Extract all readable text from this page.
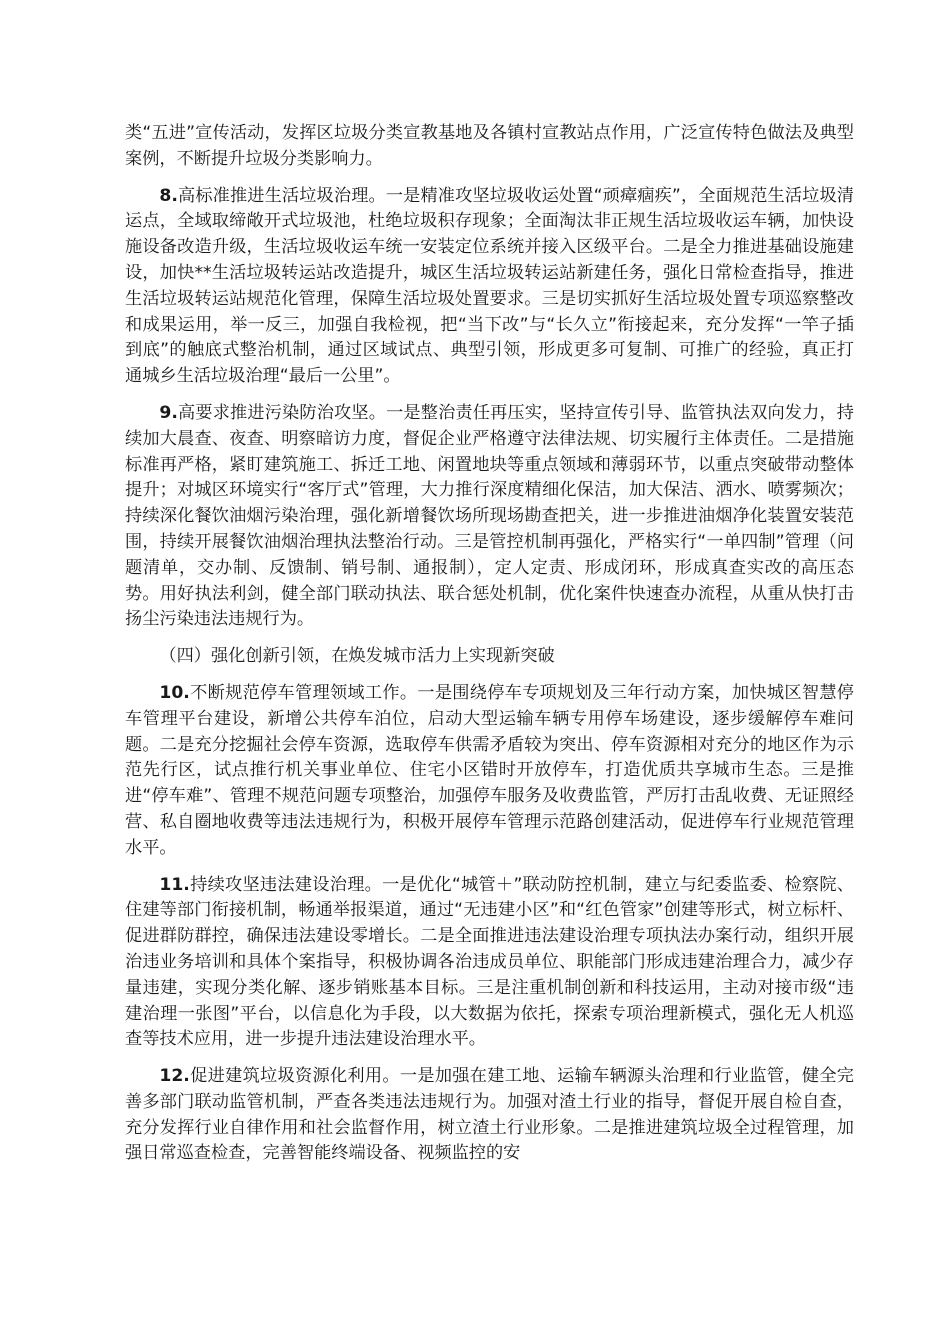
类“五进”宣传活动，发挥区垃圾分类宣教基地及各镇村宣教站点作用，广泛宣传特色做法及典型案例，不断提升垃圾分类影响力。

8.高标准推进生活垃圾治理。一是精准攻坚垃圾收运处置“顽瘴痼疾”，全面规范生活垃圾清运点，全域取缔敞开式垃圾池，杜绝垃圾积存现象；全面淘汰非正规生活垃圾收运车辆，加快设施设备改造升级，生活垃圾收运车统一安装定位系统并接入区级平台。二是全力推进基础设施建设，加快**生活垃圾转运站改造提升，城区生活垃圾转运站新建任务，强化日常检查指导，推进生活垃圾转运站规范化管理，保障生活垃圾处置要求。三是切实抓好生活垃圾处置专项巡察整改和成果运用，举一反三，加强自我检视，把“当下改”与“长久立”衔接起来，充分发挥“一竿子插到底”的触底式整治机制，通过区域试点、典型引领，形成更多可复制、可推广的经验，真正打通城乡生活垃圾治理“最后一公里”。

9.高要求推进污染防治攻坚。一是整治责任再压实，坚持宣传引导、监管执法双向发力，持续加大晨查、夜查、明察暗访力度，督促企业严格遵守法律法规、切实履行主体责任。二是措施标准再严格，紧盯建筑施工、拆迁工地、闲置地块等重点领域和薄弱环节，以重点突破带动整体提升；对城区环境实行“客厅式”管理，大力推行深度精细化保洁，加大保洁、洒水、喷雾频次；持续深化餐饮油烟污染治理，强化新增餐饮场所现场勘查把关，进一步推进油烟净化装置安装范围，持续开展餐饮油烟治理执法整治行动。三是管控机制再强化，严格实行“一单四制”管理（问题清单，交办制、反馈制、销号制、通报制），定人定责、形成闭环，形成真查实改的高压态势。用好执法利剑，健全部门联动执法、联合惩处机制，优化案件快速查办流程，从重从快打击扬尘污染违法违规行为。

（四）强化创新引领，在焕发城市活力上实现新突破

10.不断规范停车管理领域工作。一是围绕停车专项规划及三年行动方案，加快城区智慧停车管理平台建设，新增公共停车泊位，启动大型运输车辆专用停车场建设，逐步缓解停车难问题。二是充分挖掘社会停车资源，选取停车供需矛盾较为突出、停车资源相对充分的地区作为示范先行区，试点推行机关事业单位、住宅小区错时开放停车，打造优质共享城市生态。三是推进“停车难”、管理不规范问题专项整治，加强停车服务及收费监管，严厉打击乱收费、无证照经营、私自圈地收费等违法违规行为，积极开展停车管理示范路创建活动，促进停车行业规范管理水平。

11.持续攻坚违法建设治理。一是优化“城管＋”联动防控机制，建立与纪委监委、检察院、住建等部门衔接机制，畅通举报渠道，通过“无违建小区”和“红色管家”创建等形式，树立标杆、促进群防群控，确保违法建设零增长。二是全面推进违法建设治理专项执法办案行动，组织开展治违业务培训和具体个案指导，积极协调各治违成员单位、职能部门形成违建治理合力，减少存量违建，实现分类化解、逐步销账基本目标。三是注重机制创新和科技运用，主动对接市级“违建治理一张图”平台，以信息化为手段，以大数据为依托，探索专项治理新模式，强化无人机巡查等技术应用，进一步提升违法建设治理水平。

12.促进建筑垃圾资源化利用。一是加强在建工地、运输车辆源头治理和行业监管，健全完善多部门联动监管机制，严查各类违法违规行为。加强对渣土行业的指导，督促开展自检自查，充分发挥行业自律作用和社会监督作用，树立渣土行业形象。二是推进建筑垃圾全过程管理，加强日常巡查检查，完善智能终端设备、视频监控的安
